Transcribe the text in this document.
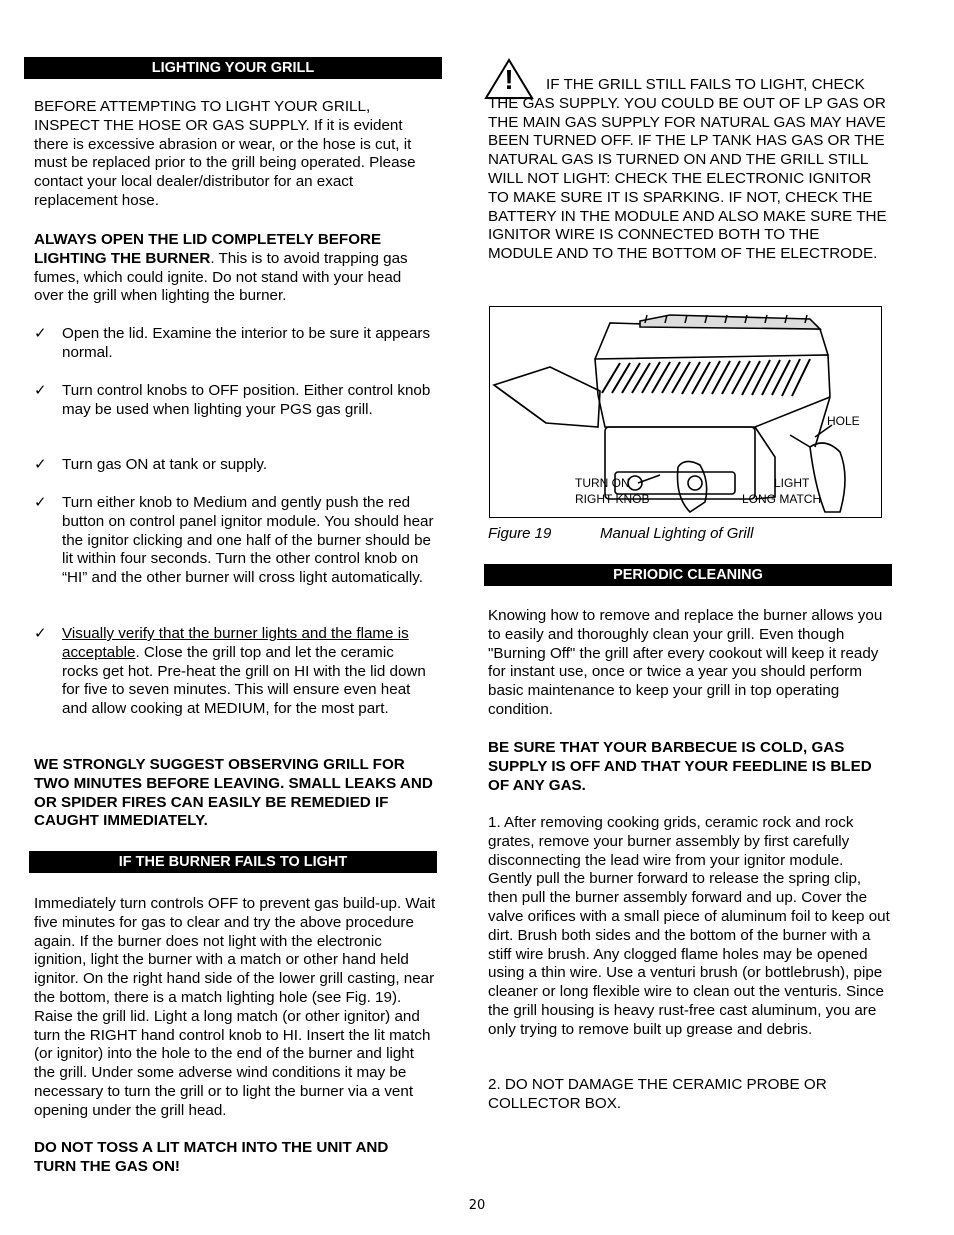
LIGHTING YOUR GRILL

BEFORE ATTEMPTING TO LIGHT YOUR GRILL, INSPECT THE HOSE OR GAS SUPPLY. If it is evident there is excessive abrasion or wear, or the hose is cut, it must be replaced prior to the grill being operated. Please contact your local dealer/distributor for an exact replacement hose.

ALWAYS OPEN THE LID COMPLETELY BEFORE LIGHTING THE BURNER. This is to avoid trapping gas fumes, which could ignite. Do not stand with your head over the grill when lighting the burner.

✓	Open the lid. Examine the interior to be sure it appears normal.
✓	Turn control knobs to OFF position. Either control knob may be used when lighting your PGS gas grill.
✓	Turn gas ON at tank or supply.
✓	Turn either knob to Medium and gently push the red button on control panel ignitor module. You should hear the ignitor clicking and one half of the burner should be lit within four seconds. Turn the other control knob on “HI” and the other burner will cross light automatically.
✓	Visually verify that the burner lights and the flame is acceptable. Close the grill top and let the ceramic rocks get hot. Pre-heat the grill on HI with the lid down for five to seven minutes. This will ensure even heat and allow cooking at MEDIUM, for the most part.

WE STRONGLY SUGGEST OBSERVING GRILL FOR TWO MINUTES BEFORE LEAVING. SMALL LEAKS AND OR SPIDER FIRES CAN EASILY BE REMEDIED IF CAUGHT IMMEDIATELY.

IF THE BURNER FAILS TO LIGHT

Immediately turn controls OFF to prevent gas build-up. Wait five minutes for gas to clear and try the above procedure again. If the burner does not light with the electronic ignition, light the burner with a match or other hand held ignitor. On the right hand side of the lower grill casting, near the bottom, there is a match lighting hole (see Fig. 19). Raise the grill lid. Light a long match (or other ignitor) and turn the RIGHT hand control knob to HI. Insert the lit match (or ignitor) into the hole to the end of the burner and light the grill. Under some adverse wind conditions it may be necessary to turn the grill or to light the burner via a vent opening under the grill head.

DO NOT TOSS A LIT MATCH INTO THE UNIT AND TURN THE GAS ON!

!	IF THE GRILL STILL FAILS TO LIGHT, CHECK THE GAS SUPPLY. YOU COULD BE OUT OF LP GAS OR THE MAIN GAS SUPPLY FOR NATURAL GAS MAY HAVE BEEN TURNED OFF. IF THE LP TANK HAS GAS OR THE NATURAL GAS IS TURNED ON AND THE GRILL STILL WILL NOT LIGHT: CHECK THE ELECTRONIC IGNITOR TO MAKE SURE IT IS SPARKING. IF NOT, CHECK THE BATTERY IN THE MODULE AND ALSO MAKE SURE THE IGNITOR WIRE IS CONNECTED BOTH TO THE MODULE AND TO THE BOTTOM OF THE ELECTRODE.
HOLE
TURN ON
RIGHT KNOB
LIGHT
LONG MATCH
Figure 19	Manual Lighting of Grill
PERIODIC CLEANING

Knowing how to remove and replace the burner allows you to easily and thoroughly clean your grill. Even though "Burning Off" the grill after every cookout will keep it ready for instant use, once or twice a year you should perform basic maintenance to keep your grill in top operating condition.

BE SURE THAT YOUR BARBECUE IS COLD, GAS SUPPLY IS OFF AND THAT YOUR FEEDLINE IS BLED OF ANY GAS.

1. After removing cooking grids, ceramic rock and rock grates, remove your burner assembly by first carefully disconnecting the lead wire from your ignitor module. Gently pull the burner forward to release the spring clip, then pull the burner assembly forward and up. Cover the valve orifices with a small piece of aluminum foil to keep out dirt. Brush both sides and the bottom of the burner with a stiff wire brush. Any clogged flame holes may be opened using a thin wire. Use a venturi brush (or bottlebrush), pipe cleaner or long flexible wire to clean out the venturis. Since the grill housing is heavy rust-free cast aluminum, you are only trying to remove built up grease and debris.

2. DO NOT DAMAGE THE CERAMIC PROBE OR COLLECTOR BOX.

20
